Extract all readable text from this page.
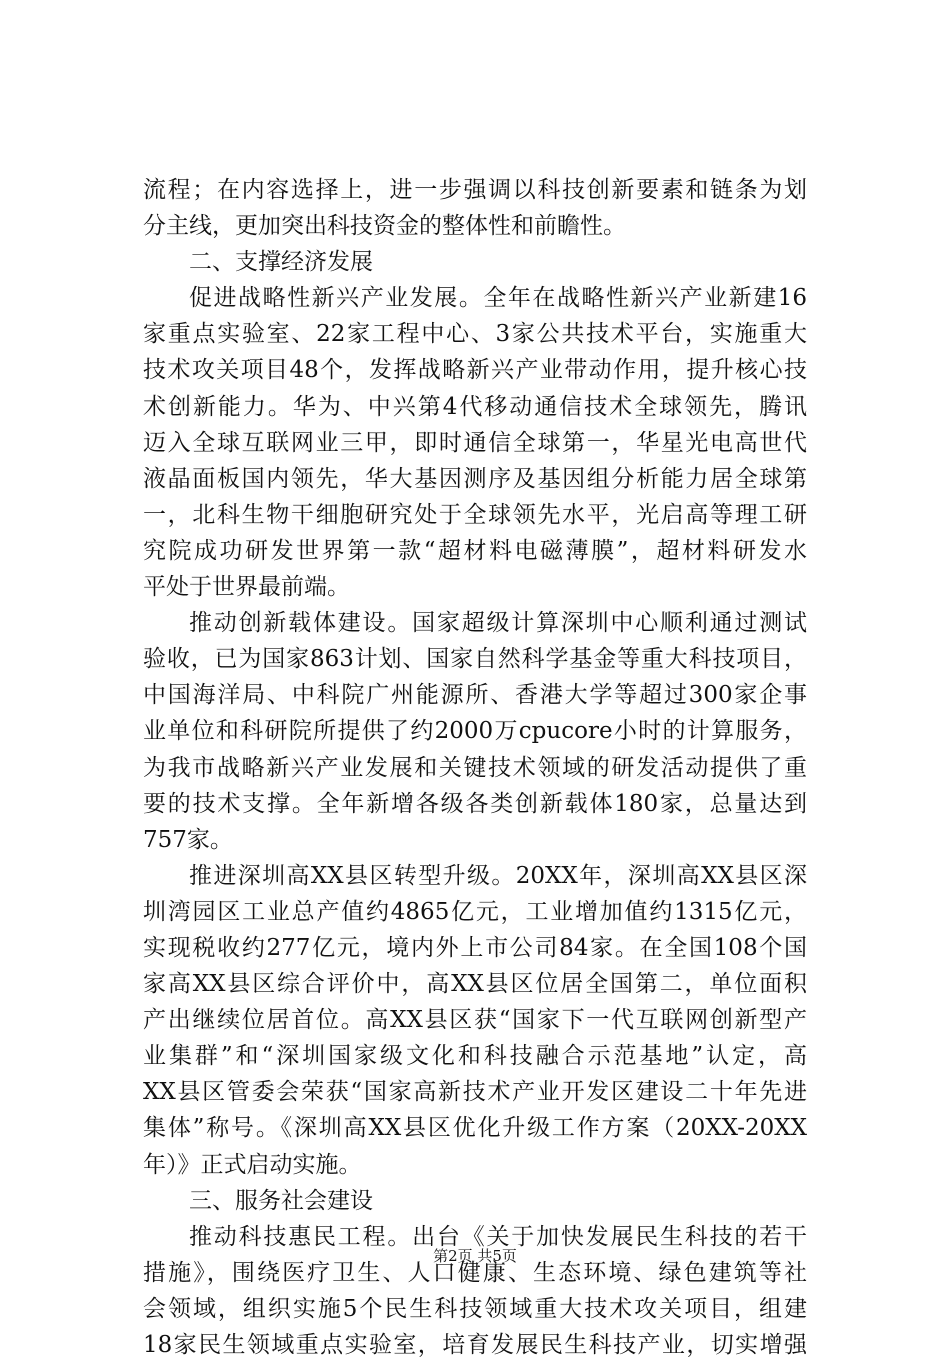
流程；在内容选择上，进一步强调以科技创新要素和链条为划
分主线，更加突出科技资金的整体性和前瞻性。
二、支撑经济发展
促进战略性新兴产业发展。全年在战略性新兴产业新建16
家重点实验室、22家工程中心、3家公共技术平台，实施重大
技术攻关项目48个，发挥战略新兴产业带动作用，提升核心技
术创新能力。华为、中兴第4代移动通信技术全球领先，腾讯
迈入全球互联网业三甲，即时通信全球第一，华星光电高世代
液晶面板国内领先，华大基因测序及基因组分析能力居全球第
一，北科生物干细胞研究处于全球领先水平，光启高等理工研
究院成功研发世界第一款“超材料电磁薄膜”，超材料研发水
平处于世界最前端。
推动创新载体建设。国家超级计算深圳中心顺利通过测试
验收，已为国家863计划、国家自然科学基金等重大科技项目，
中国海洋局、中科院广州能源所、香港大学等超过300家企事
业单位和科研院所提供了约2000万cpucore小时的计算服务，
为我市战略新兴产业发展和关键技术领域的研发活动提供了重
要的技术支撑。全年新增各级各类创新载体180家，总量达到
757家。
推进深圳高XX县区转型升级。20XX年，深圳高XX县区深
圳湾园区工业总产值约4865亿元，工业增加值约1315亿元，
实现税收约277亿元，境内外上市公司84家。在全国108个国
家高XX县区综合评价中，高XX县区位居全国第二，单位面积
产出继续位居首位。高XX县区获“国家下一代互联网创新型产
业集群”和“深圳国家级文化和科技融合示范基地”认定，高
XX县区管委会荣获“国家高新技术产业开发区建设二十年先进
集体”称号。《深圳高XX县区优化升级工作方案（20XX-20XX
年）》正式启动实施。
三、服务社会建设
推动科技惠民工程。出台《关于加快发展民生科技的若干
措施》，围绕医疗卫生、人口健康、生态环境、绿色建筑等社
会领域，组织实施5个民生科技领域重大技术攻关项目，组建
18家民生领域重点实验室，培育发展民生科技产业，切实增强
第2页 共5页
